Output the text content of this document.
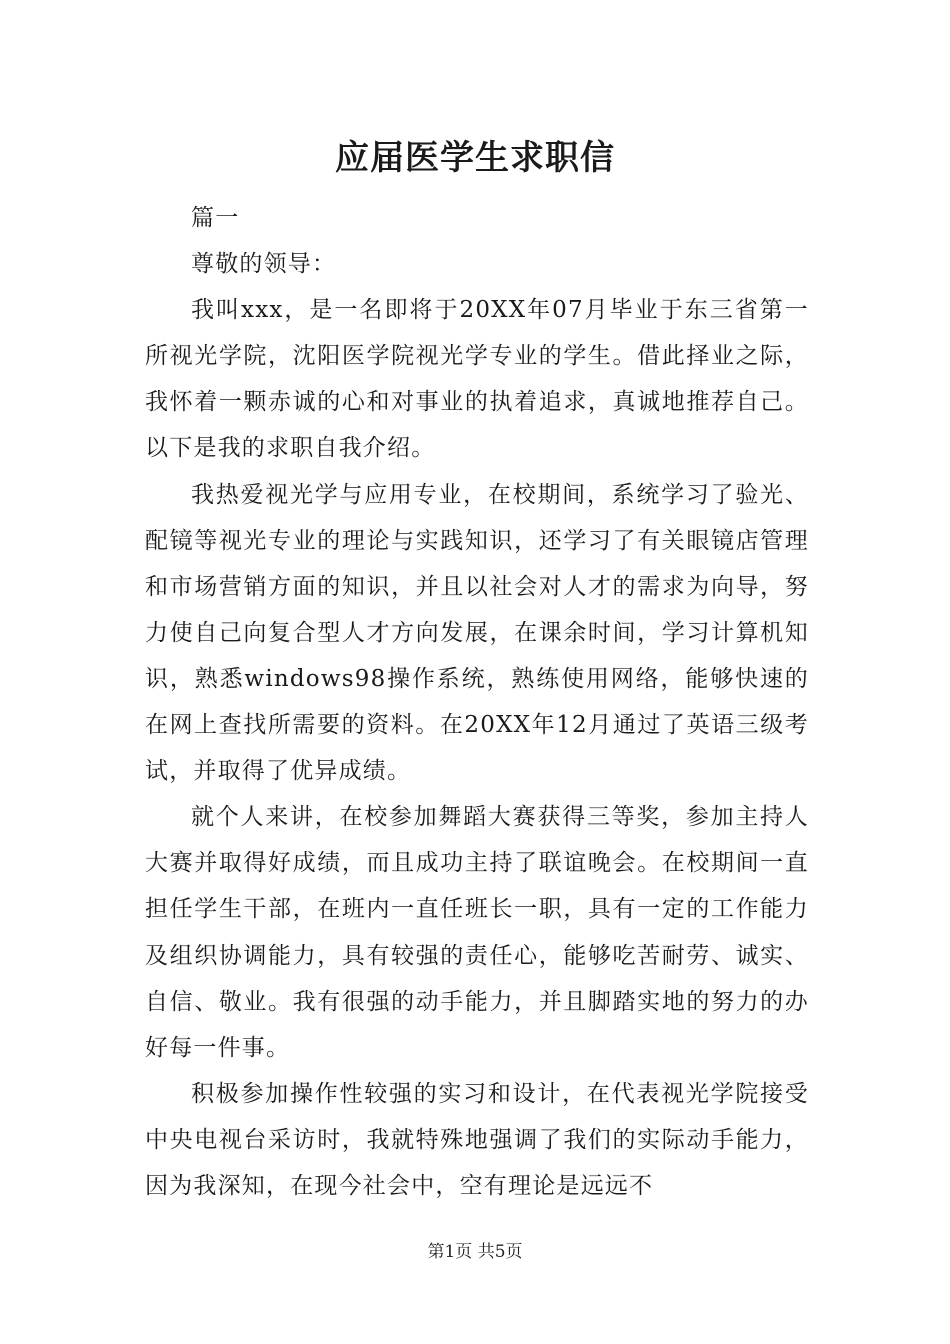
应届医学生求职信

篇一

尊敬的领导：

我叫xxx，是一名即将于20XX年07月毕业于东三省第一所视光学院，沈阳医学院视光学专业的学生。借此择业之际，我怀着一颗赤诚的心和对事业的执着追求，真诚地推荐自己。以下是我的求职自我介绍。

我热爱视光学与应用专业，在校期间，系统学习了验光、配镜等视光专业的理论与实践知识，还学习了有关眼镜店管理和市场营销方面的知识，并且以社会对人才的需求为向导，努力使自己向复合型人才方向发展，在课余时间，学习计算机知识，熟悉windows98操作系统，熟练使用网络，能够快速的在网上查找所需要的资料。在20XX年12月通过了英语三级考试，并取得了优异成绩。

就个人来讲，在校参加舞蹈大赛获得三等奖，参加主持人大赛并取得好成绩，而且成功主持了联谊晚会。在校期间一直担任学生干部，在班内一直任班长一职，具有一定的工作能力及组织协调能力，具有较强的责任心，能够吃苦耐劳、诚实、自信、敬业。我有很强的动手能力，并且脚踏实地的努力的办好每一件事。

积极参加操作性较强的实习和设计，在代表视光学院接受中央电视台采访时，我就特殊地强调了我们的实际动手能力，因为我深知，在现今社会中，空有理论是远远不

第1页 共5页
